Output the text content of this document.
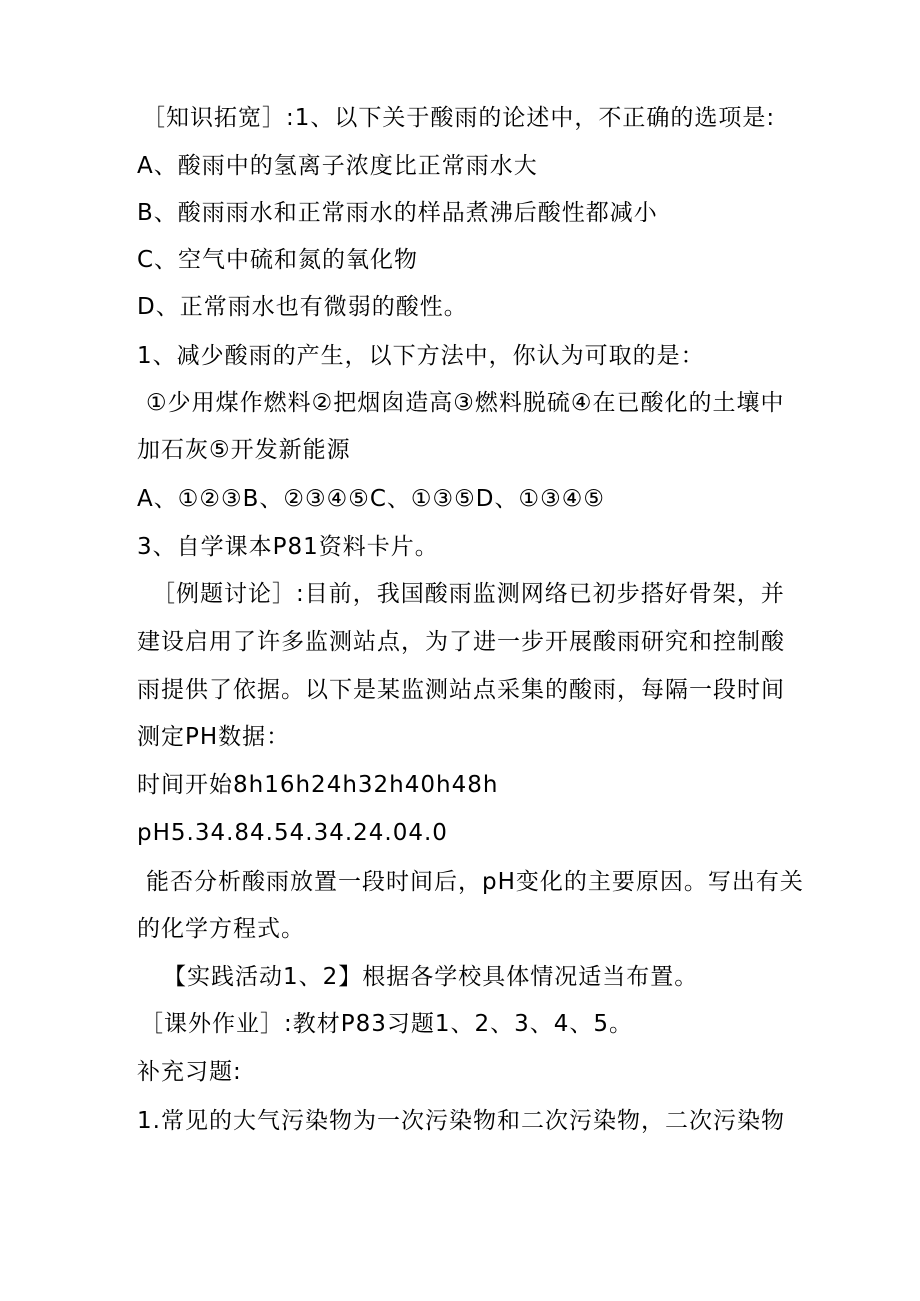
［知识拓宽］:1、以下关于酸雨的论述中，不正确的选项是:
A、酸雨中的氢离子浓度比正常雨水大
B、酸雨雨水和正常雨水的样品煮沸后酸性都减小
C、空气中硫和氮的氧化物
D、正常雨水也有微弱的酸性。
1、减少酸雨的产生，以下方法中，你认为可取的是：
①少用煤作燃料②把烟囱造高③燃料脱硫④在已酸化的土壤中
加石灰⑤开发新能源
A、①②③B、②③④⑤C、①③⑤D、①③④⑤
3、自学课本P81资料卡片。
［例题讨论］:目前，我国酸雨监测网络已初步搭好骨架，并
建设启用了许多监测站点，为了进一步开展酸雨研究和控制酸
雨提供了依据。以下是某监测站点采集的酸雨，每隔一段时间
测定PH数据：
时间开始8h16h24h32h40h48h
pH5.34.84.54.34.24.04.0
能否分析酸雨放置一段时间后，pH变化的主要原因。写出有关
的化学方程式。
【实践活动1、2】根据各学校具体情况适当布置。
［课外作业］:教材P83习题1、2、3、4、5。
补充习题:
1.常见的大气污染物为一次污染物和二次污染物，二次污染物
